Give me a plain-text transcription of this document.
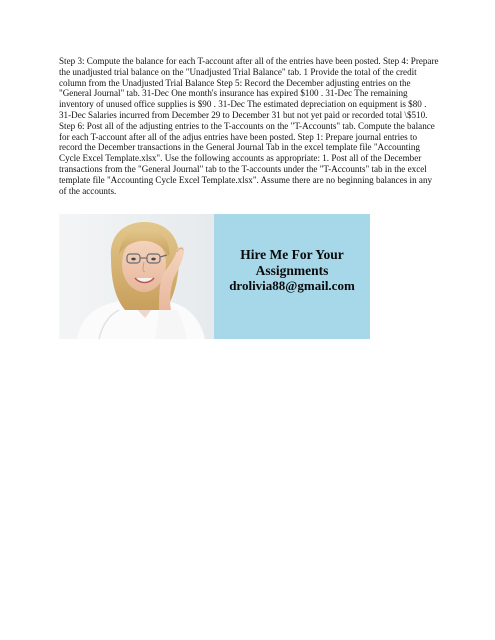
Step 3: Compute the balance for each T-account after all of the entries have been posted. Step 4: Prepare the unadjusted trial balance on the "Unadjusted Trial Balance" tab. 1 Provide the total of the credit column from the Unadjusted Trial Balance Step 5: Record the December adjusting entries on the "General Journal" tab. 31-Dec One month's insurance has expired $100 . 31-Dec The remaining inventory of unused office supplies is $90 . 31-Dec The estimated depreciation on equipment is $80 . 31-Dec Salaries incurred from December 29 to December 31 but not yet paid or recorded total \$510. Step 6: Post all of the adjusting entries to the T-accounts on the "T-Accounts" tab. Compute the balance for each T-account after all of the adjus entries have been posted. Step 1: Prepare journal entries to record the December transactions in the General Journal Tab in the excel template file "Accounting Cycle Excel Template.xlsx". Use the following accounts as appropriate: 1. Post all of the December transactions from the "General Journal" tab to the T-accounts under the "T-Accounts" tab in the excel template file "Accounting Cycle Excel Template.xlsx". Assume there are no beginning balances in any of the accounts.

Hire Me For Your
Assignments
drolivia88@gmail.com
